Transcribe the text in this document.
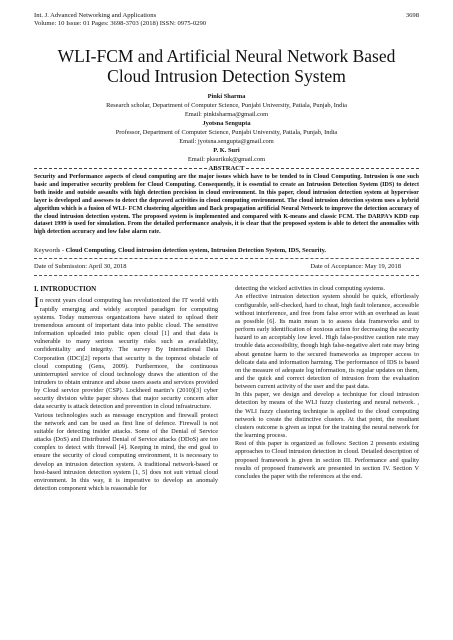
Int. J. Advanced Networking and Applications
Volume: 10 Issue: 01 Pages: 3698-3703 (2018) ISSN: 0975-0290
3698
WLI-FCM and Artificial Neural Network Based
Cloud Intrusion Detection System
Pinki Sharma
Research scholar, Department of Computer Science, Punjabi University, Patiala, Punjab, India
Email: pinkisharma@gmail.com
Jyotsna Sengupta
Professor, Department of Computer Science, Punjabi University, Patiala, Punjab, India
Email: jyotsna.sengupta@gmail.com
P. K. Suri
Email: pksurikuk@gmail.com
ABSTRACT
Security and Performance aspects of cloud computing are the major issues which have to be tended to in Cloud Computing. Intrusion is one such basic and imperative security problem for Cloud Computing. Consequently, it is essential to create an Intrusion Detection System (IDS) to detect both inside and outside assaults with high detection precision in cloud environment. In this paper, cloud intrusion detection system at hypervisor layer is developed and assesses to detect the depraved activities in cloud computing environment. The cloud intrusion detection system uses a hybrid algorithm which is a fusion of WLI- FCM clustering algorithm and Back propagation artificial Neural Network to improve the detection accuracy of the cloud intrusion detection system. The proposed system is implemented and compared with K-means and classic FCM. The DARPA’s KDD cup dataset 1999 is used for simulation. From the detailed performance analysis, it is clear that the proposed system is able to detect the anomalies with high detection accuracy and low false alarm rate.
Keywords - Cloud Computing, Cloud intrusion detection system, Intrusion Detection System, IDS, Security.
Date of Submission: April 30, 2018	Date of Acceptance: May 19, 2018
I. INTRODUCTION

In recent years cloud computing has revolutionized the IT world with rapidly emerging and widely accepted paradigm for computing systems. Today numerous organizations have stated to upload their tremendous amount of important data into public cloud. The sensitive information uploaded into public open cloud [1] and that data is vulnerable to many serious security risks such as availability, confidentiality and integrity. The survey By International Data Corporation (IDC)[2] reports that security is the topmost obstacle of cloud computing (Gens, 2009). Furthermore, the continuous uninterrupted service of cloud technology draws the attention of the intruders to obtain entrance and abuse users assets and services provided by Cloud service provider (CSP). Lockheed martin’s (2010)[3] cyber security division white paper shows that major security concern after data security is attack detection and prevention in cloud infrastructure.

Various technologies such as message encryption and firewall protect the network and can be used as first line of defence. Firewall is not suitable for detecting insider attacks. Some of the Denial of Service attacks (DoS) and Distributed Denial of Service attacks (DDoS) are too complex to detect with firewall [4]. Keeping in mind, the end goal to ensure the security of cloud computing environment, it is necessary to develop an intrusion detection system. A traditional network-based or host-based intrusion detection system [1, 5] does not suit virtual cloud environment. In this way, it is imperative to develop an anomaly detection component which is reasonable for

detecting the wicked activities in cloud computing systems.

An effective intrusion detection system should be quick, effortlessly configurable, self-checked, hard to cheat, high fault tolerance, accessible without interference, and free from false error with an overhead as least as possible [6]. Its main mean is to assess data frameworks and to perform early identification of noxious action for decreasing the security hazard to an acceptably low level. High false-positive caution rate may trouble data accessibility, though high false-negative alert rate may bring about genuine harm to the secured frameworks as improper access to delicate data and information harming. The performance of IDS is based on the measure of adequate log information, its regular updates on them, and the quick and correct detection of intrusion from the evaluation between current activity of the user and the past data.

In this paper, we design and develop a technique for cloud intrusion detection by means of the WLI fuzzy clustering and neural network. , the WLI fuzzy clustering technique is applied to the cloud computing network to create the distinctive clusters. At that point, the resultant clusters outcome is given as input for the training the neural network for the learning process.

Rest of this paper is organized as follows: Section 2 presents existing approaches to Cloud intrusion detection in cloud. Detailed description of proposed framework is given in section III. Performance and quality results of proposed framework are presented in section IV. Section V concludes the paper with the references at the end.
